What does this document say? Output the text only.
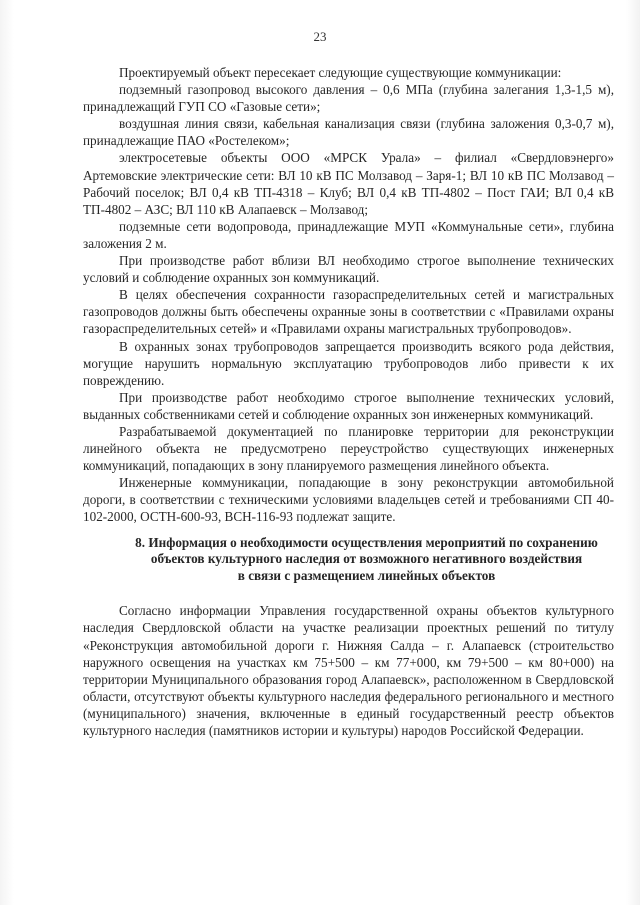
23

Проектируемый объект пересекает следующие существующие коммуникации:

подземный газопровод высокого давления – 0,6 МПа (глубина залегания 1,3-1,5 м), принадлежащий ГУП СО «Газовые сети»;

воздушная линия связи, кабельная канализация связи (глубина заложения 0,3-0,7 м), принадлежащие ПАО «Ростелеком»;

электросетевые объекты ООО «МРСК Урала» – филиал «Свердловэнерго» Артемовские электрические сети: ВЛ 10 кВ ПС Молзавод – Заря-1; ВЛ 10 кВ ПС Молзавод – Рабочий поселок; ВЛ 0,4 кВ ТП-4318 – Клуб; ВЛ 0,4 кВ ТП-4802 – Пост ГАИ; ВЛ 0,4 кВ ТП-4802 – АЗС; ВЛ 110 кВ Алапаевск – Молзавод;

подземные сети водопровода, принадлежащие МУП «Коммунальные сети», глубина заложения 2 м.

При производстве работ вблизи ВЛ необходимо строгое выполнение технических условий и соблюдение охранных зон коммуникаций.

В целях обеспечения сохранности газораспределительных сетей и магистральных газопроводов должны быть обеспечены охранные зоны в соответствии с «Правилами охраны газораспределительных сетей» и «Правилами охраны магистральных трубопроводов».

В охранных зонах трубопроводов запрещается производить всякого рода действия, могущие нарушить нормальную эксплуатацию трубопроводов либо привести к их повреждению.

При производстве работ необходимо строгое выполнение технических условий, выданных собственниками сетей и соблюдение охранных зон инженерных коммуникаций.

Разрабатываемой документацией по планировке территории для реконструкции линейного объекта не предусмотрено переустройство существующих инженерных коммуникаций, попадающих в зону планируемого размещения линейного объекта.

Инженерные коммуникации, попадающие в зону реконструкции автомобильной дороги, в соответствии с техническими условиями владельцев сетей и требованиями СП 40-102-2000, ОСТН-600-93, ВСН-116-93 подлежат защите.

8. Информация о необходимости осуществления мероприятий по сохранению
объектов культурного наследия от возможного негативного воздействия
в связи с размещением линейных объектов

Согласно информации Управления государственной охраны объектов культурного наследия Свердловской области на участке реализации проектных решений по титулу «Реконструкция автомобильной дороги г. Нижняя Салда – г. Алапаевск (строительство наружного освещения на участках км 75+500 – км 77+000, км 79+500 – км 80+000) на территории Муниципального образования город Алапаевск», расположенном в Свердловской области, отсутствуют объекты культурного наследия федерального регионального и местного (муниципального) значения, включенные в единый государственный реестр объектов культурного наследия (памятников истории и культуры) народов Российской Федерации.
